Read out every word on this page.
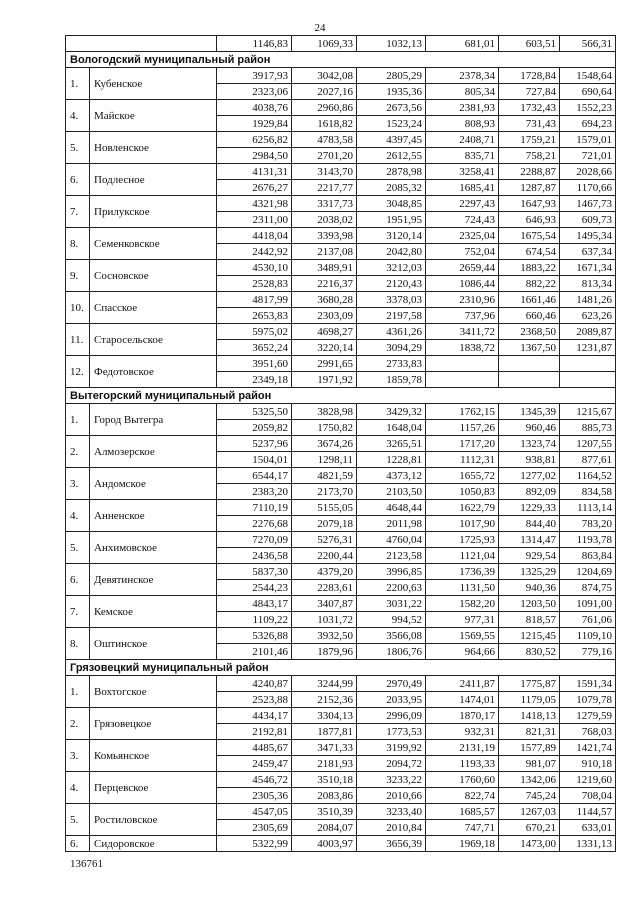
24
		1146,83	1069,33	1032,13	681,01	603,51	566,31
Вологодский муниципальный район							
1.	Кубенское	3917,93	3042,08	2805,29	2378,34	1728,84	1548,64
		2323,06	2027,16	1935,36	805,34	727,84	690,64
4.	Майское	4038,76	2960,86	2673,56	2381,93	1732,43	1552,23
		1929,84	1618,82	1523,24	808,93	731,43	694,23
5.	Новленское	6256,82	4783,58	4397,45	2408,71	1759,21	1579,01
		2984,50	2701,20	2612,55	835,71	758,21	721,01
6.	Подлесное	4131,31	3143,70	2878,98	3258,41	2288,87	2028,66
		2676,27	2217,77	2085,32	1685,41	1287,87	1170,66
7.	Прилукское	4321,98	3317,73	3048,85	2297,43	1647,93	1467,73
		2311,00	2038,02	1951,95	724,43	646,93	609,73
8.	Семенковское	4418,04	3393,98	3120,14	2325,04	1675,54	1495,34
		2442,92	2137,08	2042,80	752,04	674,54	637,34
9.	Сосновское	4530,10	3489,91	3212,03	2659,44	1883,22	1671,34
		2528,83	2216,37	2120,43	1086,44	882,22	813,34
10.	Спасское	4817,99	3680,28	3378,03	2310,96	1661,46	1481,26
		2653,83	2303,09	2197,58	737,96	660,46	623,26
11.	Старосельское	5975,02	4698,27	4361,26	3411,72	2368,50	2089,87
		3652,24	3220,14	3094,29	1838,72	1367,50	1231,87
12.	Федотовское	3951,60	2991,65	2733,83			
		2349,18	1971,92	1859,78			
Вытегорский муниципальный район							
1.	Город Вытегра	5325,50	3828,98	3429,32	1762,15	1345,39	1215,67
		2059,82	1750,82	1648,04	1157,26	960,46	885,73
2.	Алмозерское	5237,96	3674,26	3265,51	1717,20	1323,74	1207,55
		1504,01	1298,11	1228,81	1112,31	938,81	877,61
3.	Андомское	6544,17	4821,59	4373,12	1655,72	1277,02	1164,52
		2383,20	2173,70	2103,50	1050,83	892,09	834,58
4.	Анненское	7110,19	5155,05	4648,44	1622,79	1229,33	1113,14
		2276,68	2079,18	2011,98	1017,90	844,40	783,20
5.	Анхимовское	7270,09	5276,31	4760,04	1725,93	1314,47	1193,78
		2436,58	2200,44	2123,58	1121,04	929,54	863,84
6.	Девятинское	5837,30	4379,20	3996,85	1736,39	1325,29	1204,69
		2544,23	2283,61	2200,63	1131,50	940,36	874,75
7.	Кемское	4843,17	3407,87	3031,22	1582,20	1203,50	1091,00
		1109,22	1031,72	994,52	977,31	818,57	761,06
8.	Оштинское	5326,88	3932,50	3566,08	1569,55	1215,45	1109,10
		2101,46	1879,96	1806,76	964,66	830,52	779,16
Грязовецкий муниципальный район							
1.	Вохтогское	4240,87	3244,99	2970,49	2411,87	1775,87	1591,34
		2523,88	2152,36	2033,95	1474,01	1179,05	1079,78
2.	Грязовецкое	4434,17	3304,13	2996,09	1870,17	1418,13	1279,59
		2192,81	1877,81	1773,53	932,31	821,31	768,03
3.	Комьянское	4485,67	3471,33	3199,92	2131,19	1577,89	1421,74
		2459,47	2181,93	2094,72	1193,33	981,07	910,18
4.	Перцевское	4546,72	3510,18	3233,22	1760,60	1342,06	1219,60
		2305,36	2083,86	2010,66	822,74	745,24	708,04
5.	Ростиловское	4547,05	3510,39	3233,40	1685,57	1267,03	1144,57
		2305,69	2084,07	2010,84	747,71	670,21	633,01
6.	Сидоровское	5322,99	4003,97	3656,39	1969,18	1473,00	1331,13
136761
